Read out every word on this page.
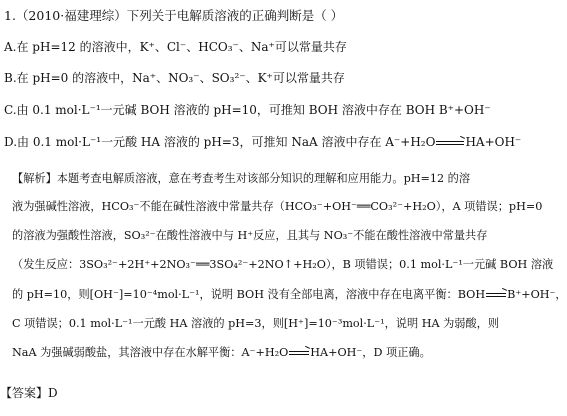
1.（2010·福建理综）下列关于电解质溶液的正确判断是（ ）
A.在 pH=12 的溶液中，K⁺、Cl⁻、HCO₃⁻、Na⁺可以常量共存
B.在 pH=0 的溶液中，Na⁺、NO₃⁻、SO₃²⁻、K⁺可以常量共存
C.由 0.1 mol·L⁻¹一元碱 BOH 溶液的 pH=10，可推知 BOH 溶液中存在 BOH B⁺+OH⁻
D.由 0.1 mol·L⁻¹一元酸 HA 溶液的 pH=3，可推知 NaA 溶液中存在 A⁻+H₂O→HA+OH⁻
【解析】本题考查电解质溶液，意在考查考生对该部分知识的理解和应用能力。pH=12 的溶
液为强碱性溶液，HCO₃⁻不能在碱性溶液中常量共存（HCO₃⁻+OH⁻══CO₃²⁻+H₂O），A 项错误；pH=0
的溶液为强酸性溶液，SO₃²⁻在酸性溶液中与 H⁺反应，且其与 NO₃⁻不能在酸性溶液中常量共存
（发生反应：3SO₃²⁻+2H⁺+2NO₃⁻══3SO₄²⁻+2NO↑+H₂O），B 项错误；0.1 mol·L⁻¹一元碱 BOH 溶液
的 pH=10，则[OH⁻]=10⁻⁴mol·L⁻¹，说明 BOH 没有全部电离，溶液中存在电离平衡：BOH→B⁺+OH⁻，
C 项错误；0.1 mol·L⁻¹一元酸 HA 溶液的 pH=3，则[H⁺]=10⁻³mol·L⁻¹，说明 HA 为弱酸，则
NaA 为强碱弱酸盐，其溶液中存在水解平衡：A⁻+H₂O→HA+OH⁻，D 项正确。
【答案】D
